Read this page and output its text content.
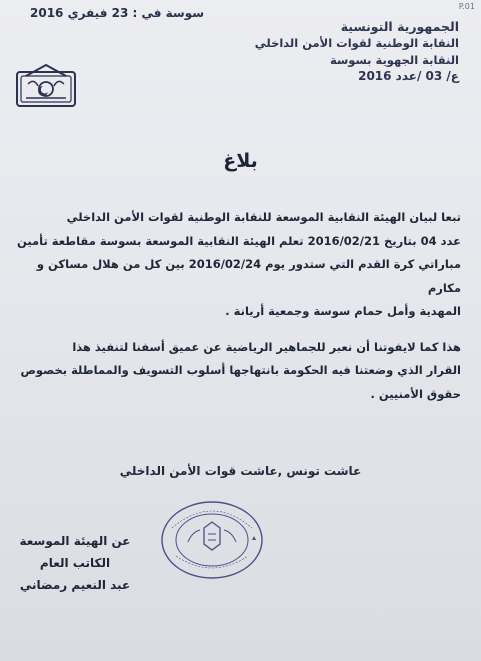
P.01
سوسة في : 23 فيفري 2016
الجمهورية التونسية
النقابة الوطنية لقوات الأمن الداخلي
النقابة الجهوية بسوسة
ع/ 03 /عدد 2016
بلاغ

تبعا لبيان الهيئة النقابية الموسعة للنقابة الوطنية لقوات الأمن الداخلي

عدد 04 بتاريخ 2016/02/21 تعلم الهيئة النقابية الموسعة بسوسة مقاطعة تأمين

مباراتي كرة القدم التي ستدور يوم 2016/02/24 بين كل من هلال مساكن و مكارم

المهدية وأمل حمام سوسة وجمعية أريانة .

هذا كما لايفوتنا أن نعبر للجماهير الرياضية عن عميق أسفنا لتنفيذ هذا

القرار الذي وضعتنا فيه الحكومة بانتهاجها أسلوب التسويف والمماطلة بخصوص

حقوق الأمنيين .

عاشت تونس ,عاشت قوات الأمن الداخلي
عن الهيئة الموسعة
الكاتب العام
عبد النعيم رمضاني
